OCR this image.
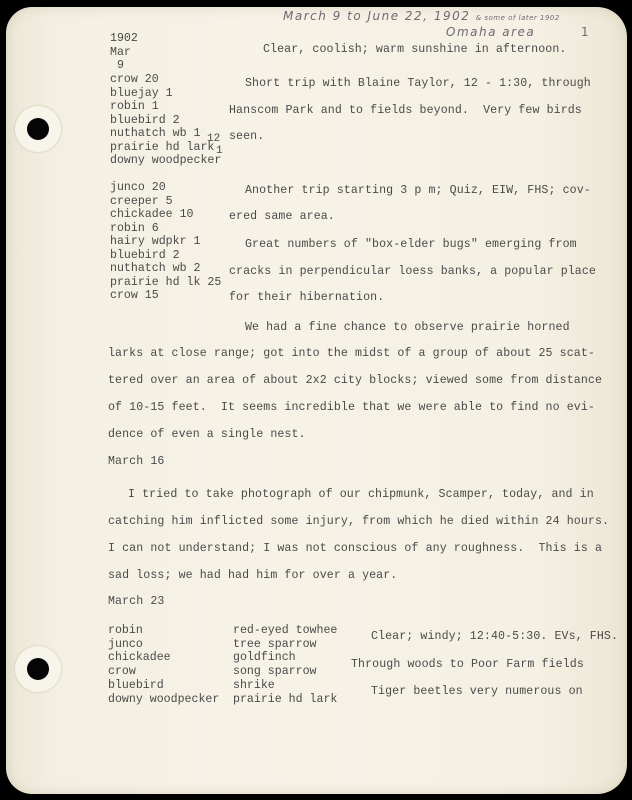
March 9 to June 22, 1902 & some of later 1902
Omaha area	1
1902
Mar
9
crow 20
bluejay 1
robin 1
bluebird 2
nuthatch wb 1
prairie hd lark
downy woodpecker
12
1
Clear, coolish; warm sunshine in afternoon.
Short trip with Blaine Taylor, 12 - 1:30, through
Hanscom Park and to fields beyond.  Very few birds
seen.
junco 20
creeper 5
chickadee 10
robin 6
hairy wdpkr 1
bluebird 2
nuthatch wb 2
prairie hd lk 25
crow 15
Another trip starting 3 p m; Quiz, EIW, FHS; cov-
ered same area.
Great numbers of "box-elder bugs" emerging from
cracks in perpendicular loess banks, a popular place
for their hibernation.
We had a fine chance to observe prairie horned
larks at close range; got into the midst of a group of about 25 scat-
tered over an area of about 2x2 city blocks; viewed some from distance
of 10-15 feet.  It seems incredible that we were able to find no evi-
dence of even a single nest.
March 16
I tried to take photograph of our chipmunk, Scamper, today, and in
catching him inflicted some injury, from which he died within 24 hours.
I can not understand; I was not conscious of any roughness.  This is a
sad loss; we had had him for over a year.
March 23
robin
junco
chickadee
crow
bluebird
downy woodpecker
red-eyed towhee
tree sparrow
goldfinch
song sparrow
shrike
prairie hd lark
Clear; windy; 12:40-5:30. EVs, FHS.
Through woods to Poor Farm fields
Tiger beetles very numerous on
